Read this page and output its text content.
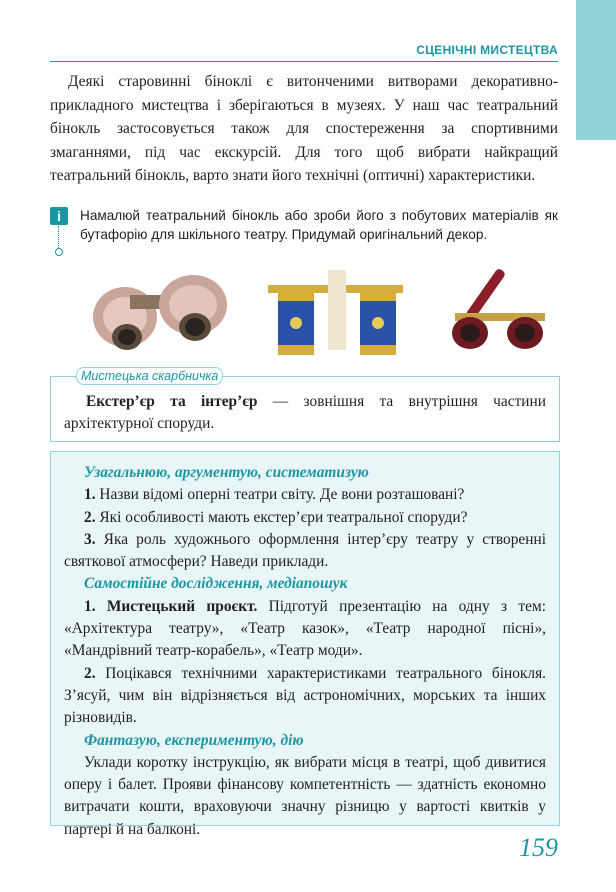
СЦЕНІЧНІ МИСТЕЦТВА

Деякі старовинні біноклі є витонченими витворами декоративно-прикладного мистецтва і зберігаються в музеях. У наш час театральний бінокль застосовується також для спостереження за спортивними змаганнями, під час екскурсій. Для того щоб вибрати найкращий театральний бінокль, варто знати його технічні (оптичні) характеристики.

i	Намалюй театральний бінокль або зроби його з побутових матеріалів як бутафорію для шкільного театру. Придумай оригінальний декор.
Мистецька скарбничка
Екстер’єр та інтер’єр — зовнішня та внутрішня частини архітектурної споруди.

Узагальнюю, аргументую, систематизую

1. Назви відомі оперні театри світу. Де вони розташовані?

2. Які особливості мають екстер’єри театральної споруди?

3. Яка роль художнього оформлення інтер’єру театру у створенні святкової атмосфери? Наведи приклади.

Самостійне дослідження, медіапошук

1. Мистецький проєкт. Підготуй презентацію на одну з тем: «Архітектура театру», «Театр казок», «Театр народної пісні», «Мандрівний театр-корабель», «Театр моди».

2. Поцікався технічними характеристиками театрального бінокля. З’ясуй, чим він відрізняється від астрономічних, морських та інших різновидів.

Фантазую, експериментую, дію

Уклади коротку інструкцію, як вибрати місця в театрі, щоб дивитися оперу і балет. Прояви фінансову компетентність — здатність економно витрачати кошти, враховуючи значну різницю у вартості квитків у партері й на балконі.

159
